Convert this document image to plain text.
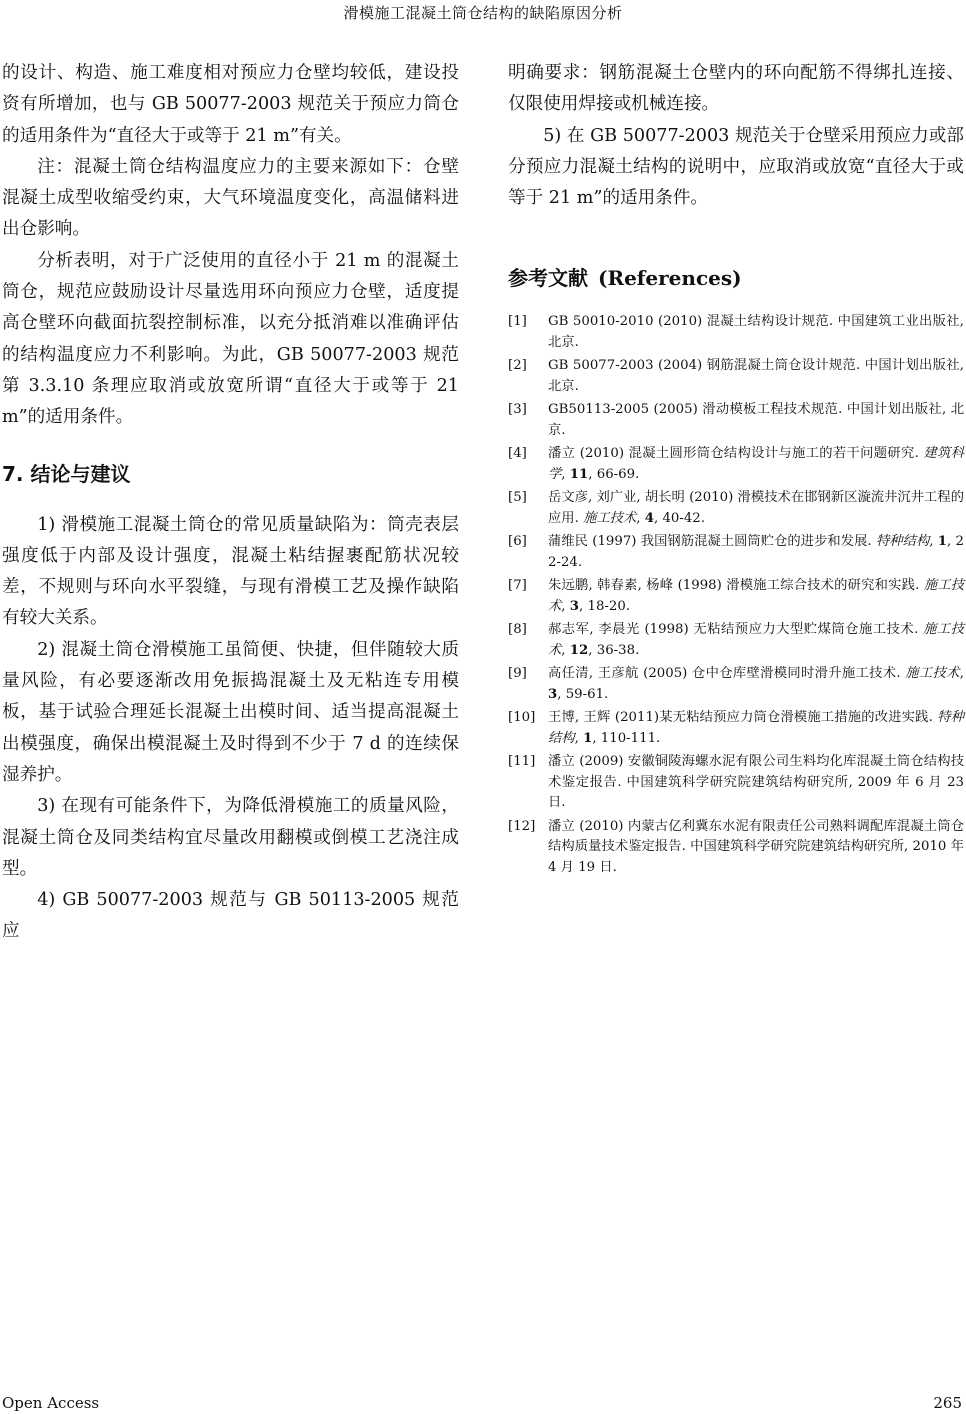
滑模施工混凝土筒仓结构的缺陷原因分析

的设计、构造、施工难度相对预应力仓壁均较低，建设投资有所增加，也与 GB 50077-2003 规范关于预应力筒仓的适用条件为“直径大于或等于 21 m”有关。

注：混凝土筒仓结构温度应力的主要来源如下：仓壁混凝土成型收缩受约束，大气环境温度变化，高温储料进出仓影响。

分析表明，对于广泛使用的直径小于 21 m 的混凝土筒仓，规范应鼓励设计尽量选用环向预应力仓壁，适度提高仓壁环向截面抗裂控制标准，以充分抵消难以准确评估的结构温度应力不利影响。为此，GB 50077-2003 规范第 3.3.10 条理应取消或放宽所谓“直径大于或等于 21 m”的适用条件。

7. 结论与建议

1) 滑模施工混凝土筒仓的常见质量缺陷为：筒壳表层强度低于内部及设计强度，混凝土粘结握裹配筋状况较差，不规则与环向水平裂缝，与现有滑模工艺及操作缺陷有较大关系。

2) 混凝土筒仓滑模施工虽简便、快捷，但伴随较大质量风险，有必要逐渐改用免振捣混凝土及无粘连专用模板，基于试验合理延长混凝土出模时间、适当提高混凝土出模强度，确保出模混凝土及时得到不少于 7 d 的连续保湿养护。

3) 在现有可能条件下，为降低滑模施工的质量风险，混凝土筒仓及同类结构宜尽量改用翻模或倒模工艺浇注成型。

4) GB 50077-2003 规范与 GB 50113-2005 规范应

明确要求：钢筋混凝土仓壁内的环向配筋不得绑扎连接、仅限使用焊接或机械连接。

5) 在 GB 50077-2003 规范关于仓壁采用预应力或部分预应力混凝土结构的说明中，应取消或放宽“直径大于或等于 21 m”的适用条件。

参考文献 (References)
[1]	GB 50010-2010 (2010) 混凝土结构设计规范. 中国建筑工业出版社, 北京.
[2]	GB 50077-2003 (2004) 钢筋混凝土筒仓设计规范. 中国计划出版社, 北京.
[3]	GB50113-2005 (2005) 滑动模板工程技术规范. 中国计划出版社, 北京.
[4]	潘立 (2010) 混凝土圆形筒仓结构设计与施工的若干问题研究. 建筑科学, 11, 66-69.
[5]	岳文彦, 刘广业, 胡长明 (2010) 滑模技术在邯钢新区漩流井沉井工程的应用. 施工技术, 4, 40-42.
[6]	蒲维民 (1997) 我国钢筋混凝土圆筒贮仓的进步和发展. 特种结构, 1, 22-24.
[7]	朱远鹏, 韩春素, 杨峰 (1998) 滑模施工综合技术的研究和实践. 施工技术, 3, 18-20.
[8]	郝志军, 李晨光 (1998) 无粘结预应力大型贮煤筒仓施工技术. 施工技术, 12, 36-38.
[9]	高任清, 王彦航 (2005) 仓中仓库壁滑模同时滑升施工技术. 施工技术, 3, 59-61.
[10] 王博, 王辉 (2011)某无粘结预应力筒仓滑模施工措施的改进实践. 特种结构, 1, 110-111.
[11] 潘立 (2009) 安徽铜陵海螺水泥有限公司生料均化库混凝土筒仓结构技术鉴定报告. 中国建筑科学研究院建筑结构研究所, 2009 年 6 月 23 日.
[12] 潘立 (2010) 内蒙古亿利冀东水泥有限责任公司熟料调配库混凝土筒仓结构质量技术鉴定报告. 中国建筑科学研究院建筑结构研究所, 2010 年 4 月 19 日.
Open Access	265
